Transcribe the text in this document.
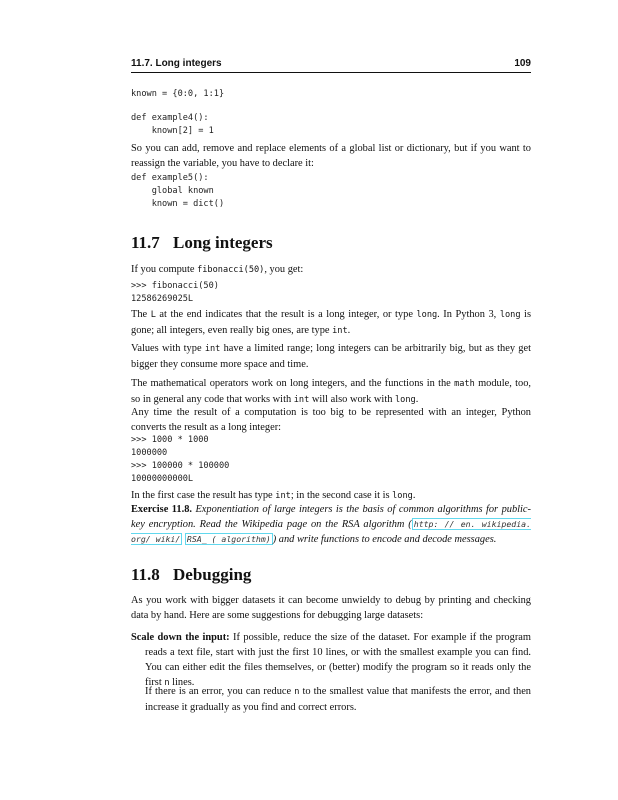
11.7. Long integers	109
known = {0:0, 1:1}
def example4():
known[2] = 1
So you can add, remove and replace elements of a global list or dictionary, but if you want to reassign the variable, you have to declare it:
def example5():
global known
known = dict()
11.7 Long integers
If you compute fibonacci(50), you get:
>>> fibonacci(50)
12586269025L
The L at the end indicates that the result is a long integer, or type long. In Python 3, long is gone; all integers, even really big ones, are type int.
Values with type int have a limited range; long integers can be arbitrarily big, but as they get bigger they consume more space and time.
The mathematical operators work on long integers, and the functions in the math module, too, so in general any code that works with int will also work with long.
Any time the result of a computation is too big to be represented with an integer, Python converts the result as a long integer:
>>> 1000 * 1000
1000000
>>> 100000 * 100000
10000000000L
In the first case the result has type int; in the second case it is long.
Exercise 11.8. Exponentiation of large integers is the basis of common algorithms for public-key encryption. Read the Wikipedia page on the RSA algorithm ( http: // en. wikipedia. org/ wiki/ RSA_ ( algorithm) ) and write functions to encode and decode messages.
11.8 Debugging
As you work with bigger datasets it can become unwieldy to debug by printing and checking data by hand. Here are some suggestions for debugging large datasets:
Scale down the input: If possible, reduce the size of the dataset. For example if the program reads a text file, start with just the first 10 lines, or with the smallest example you can find. You can either edit the files themselves, or (better) modify the program so it reads only the first n lines.
If there is an error, you can reduce n to the smallest value that manifests the error, and then increase it gradually as you find and correct errors.
